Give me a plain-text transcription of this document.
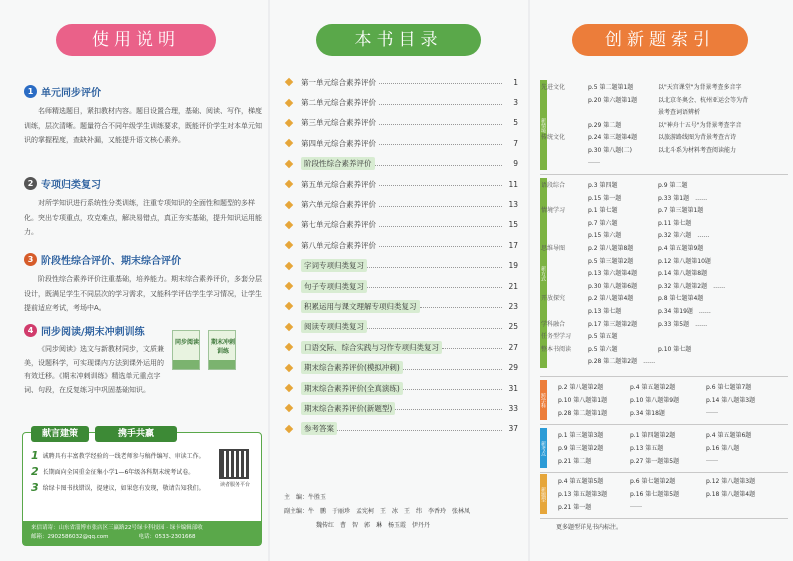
使用说明
1 单元同步评价
名师精选题目，紧扣教材内容。题目设置合理，基础、阅读、写作，梯度训练，层次清晰。题量符合不同年级学生训练要求，既能评价学生对本单元知识的掌握程度，查缺补漏，又能提升语文核心素养。
2 专项归类复习
对所学知识进行系统性分类训练，注重专项知识的全面性和题型的多样化。突出专项重点，攻克难点，解决易错点，真正夯实基础，提升知识运用能力。
3 阶段性综合评价、期末综合评价
阶段性综合素养评价注重基础，培养能力。期末综合素养评价，多套分层设计，既满足学生不同层次的学习需求，又能科学评估学生学习情况，让学生提前适应考试，考场中A。
4 同步阅读/期末冲刺训练
《同步阅读》选文与新教材同步，文质兼美，设题科学，可实现课内方法到课外运用的有效迁移。《期末冲刺训练》精选单元重点字词、句段，在反复练习中巩固基础知识。
同步阅读 期末冲刺训练
献言建策	携手共赢
1 诚聘具有丰富教学经验的一线老师参与稿件编写、审读工作。
2 长期面向全国重金征集小学1—6年级各科期末统考试卷。
3 给绿卡图书找错误，提建议，如果您有发现，敬请告知我们。	读者服务平台
来信请寄：山东省淄博市张店区三赢路22号绿卡科技园 · 绿卡编辑部收
邮箱：2902586032@qq.com	电话：0533-2301668
本书目录
第一单元综合素养评价	1
第二单元综合素养评价	3
第三单元综合素养评价	5
第四单元综合素养评价	7
阶段性综合素养评价	9
第五单元综合素养评价	11
第六单元综合素养评价	13
第七单元综合素养评价	15
第八单元综合素养评价	17
字词专项归类复习	19
句子专项归类复习	21
积累运用与课文理解专项归类复习	23
阅读专项归类复习	25
口语交际、综合实践与习作专项归类复习	27
期末综合素养评价(模拟冲刺)	29
期末综合素养评价(全真演练)	31
期末综合素养评价(新题型)	33
参考答案	37
主　编：牛胜玉
副主编：牛　鹏　于丽珍　孟宪柯　王　冰　王　纬　李香玲　张林凤
魏传红　曹　智　郭　琳　杨玉霞　伊丹丹
创新题索引
新情境
先进文化	p.5 第二题第1题	以"天宫课堂"为背景考查多音字
p.20 第六题第1题	以北京冬奥会、杭州亚运会等为背
景考查词语辨析
p.29 第二题	以"神舟十五号"为背景考查字音
传统文化	p.24 第三题第4题	以旅游路线图为背景考查古诗
p.30 第八题(二)	以北斗系为材料考查阅读能力
……
新方式
语段综合	p.3 第四题	p.9 第二题
p.15 第一题	p.33 第1题　……
情境学习	p.1 第七题	p.7 第三题第1题
p.7 第六题	p.11 第七题
p.15 第六题	p.32 第六题　……
思维导图	p.2 第八题第8题	p.4 第五题第9题
p.5 第三题第2题	p.12 第八题第10题
p.13 第六题第4题	p.14 第八题第8题
p.30 第八题第6题	p.32 第八题第2题　……
开放探究	p.2 第八题第4题	p.8 第七题第4题
p.13 第七题	p.34 第19题　……
学科融合	p.17 第三题第2题	p.33 第5题　……
任务型学习	p.5 第五题
整本书阅读	p.5 第六题	p.10 第七题
p.28 第二题第2题　……
跨学科
p.2 第八题第2题	p.4 第五题第2题	p.6 第七题第7题
p.10 第八题第1题	p.10 第八题第9题	p.14 第八题第3题
p.28 第二题第1题	p.34 第18题	……
新考点
p.1 第三题第3题	p.1 第四题第2题	p.4 第五题第6题
p.9 第三题第2题	p.13 第五题	p.16 第八题
p.21 第二题	p.27 第一题第5题	……
新题型
p.4 第五题第5题	p.6 第七题第2题	p.12 第八题第3题
p.13 第五题第3题	p.16 第七题第5题	p.18 第八题第4题
p.21 第一题	……
更多题型详见书内标注。
